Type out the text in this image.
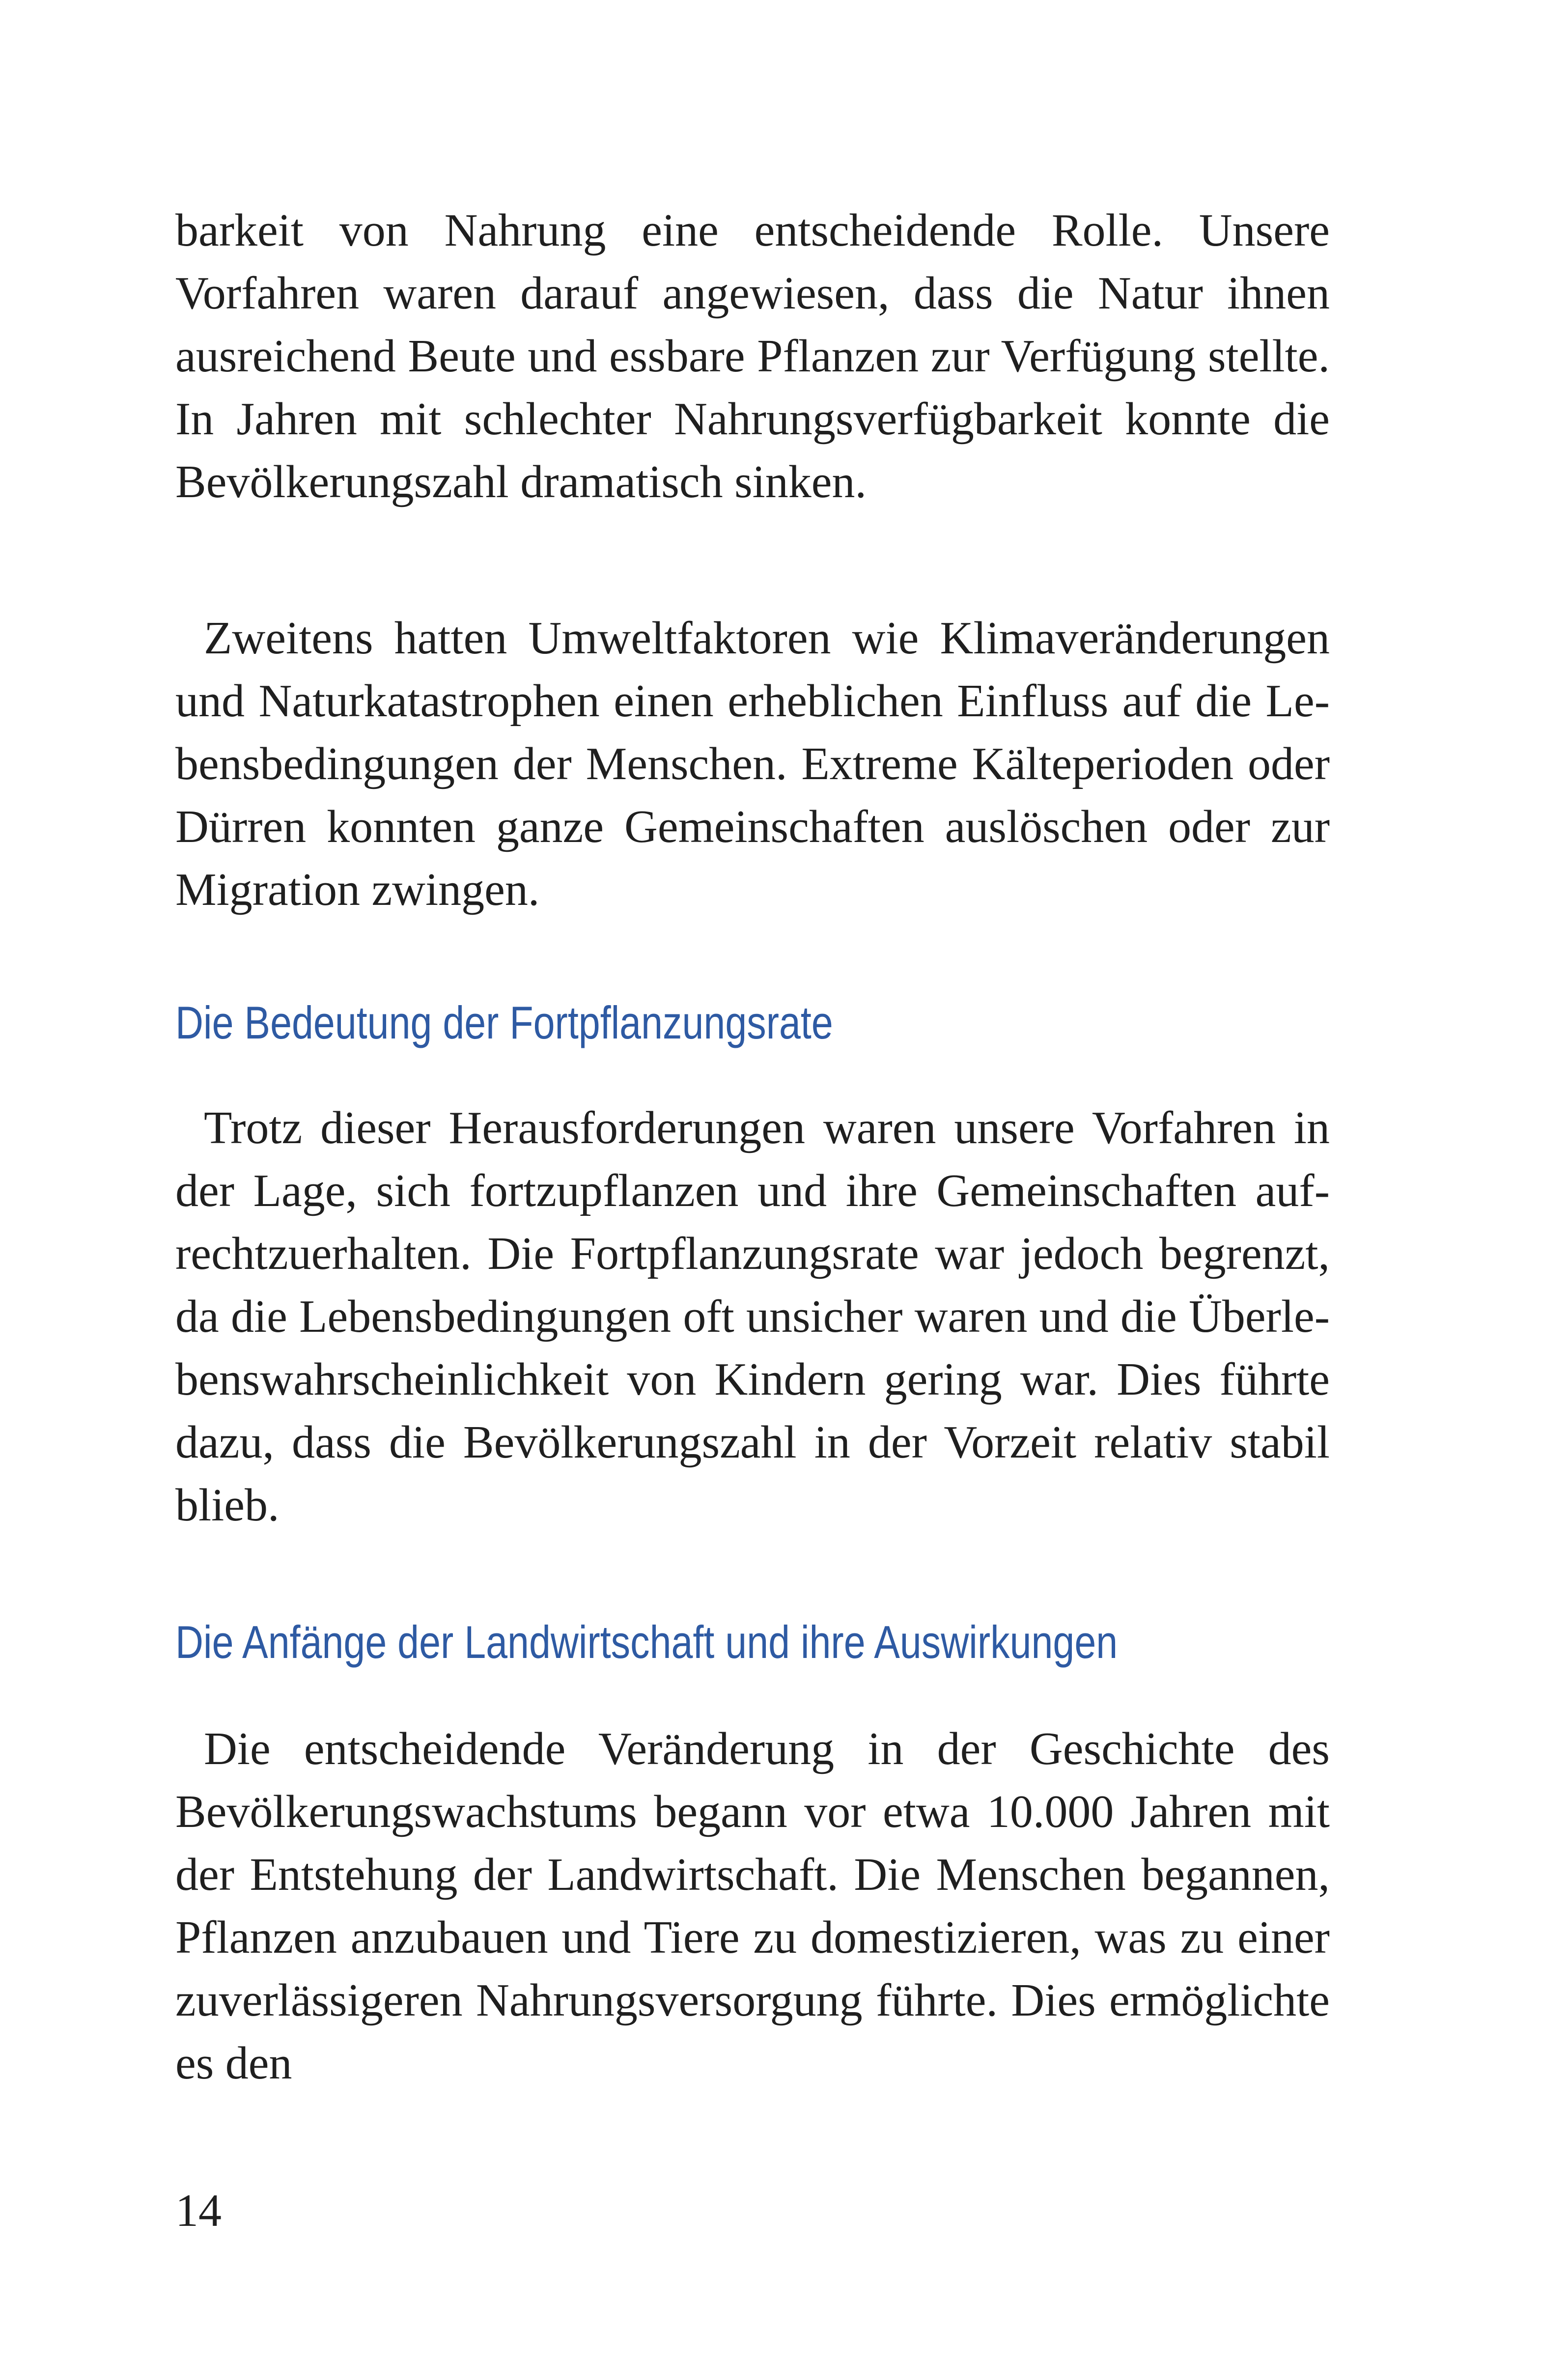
barkeit von Nahrung eine entscheidende Rolle. Unsere Vorfahren waren darauf angewiesen, dass die Natur ihnen ausreichend Beute und essbare Pflanzen zur Verfügung stellte. In Jahren mit schlechter Nahrungsverfügbarkeit konnte die Bevölkerungszahl dramatisch sinken.

Zweitens hatten Umweltfaktoren wie Klimaveränderungen und Naturkatastrophen einen erheblichen Einfluss auf die Lebensbedingungen der Menschen. Extreme Kälteperioden oder Dürren konnten ganze Gemeinschaften auslöschen oder zur Migration zwingen.

Die Bedeutung der Fortpflanzungsrate

Trotz dieser Herausforderungen waren unsere Vorfahren in der Lage, sich fortzupflanzen und ihre Gemeinschaften aufrechtzuerhalten. Die Fortpflanzungsrate war jedoch begrenzt, da die Lebensbedingungen oft unsicher waren und die Überlebenswahrscheinlichkeit von Kindern gering war. Dies führte dazu, dass die Bevölkerungszahl in der Vorzeit relativ stabil blieb.

Die Anfänge der Landwirtschaft und ihre Auswirkungen

Die entscheidende Veränderung in der Geschichte des Bevölkerungswachstums begann vor etwa 10.000 Jahren mit der Entstehung der Landwirtschaft. Die Menschen begannen, Pflanzen anzubauen und Tiere zu domestizieren, was zu einer zuverlässigeren Nahrungsversorgung führte. Dies ermöglichte es den

14
